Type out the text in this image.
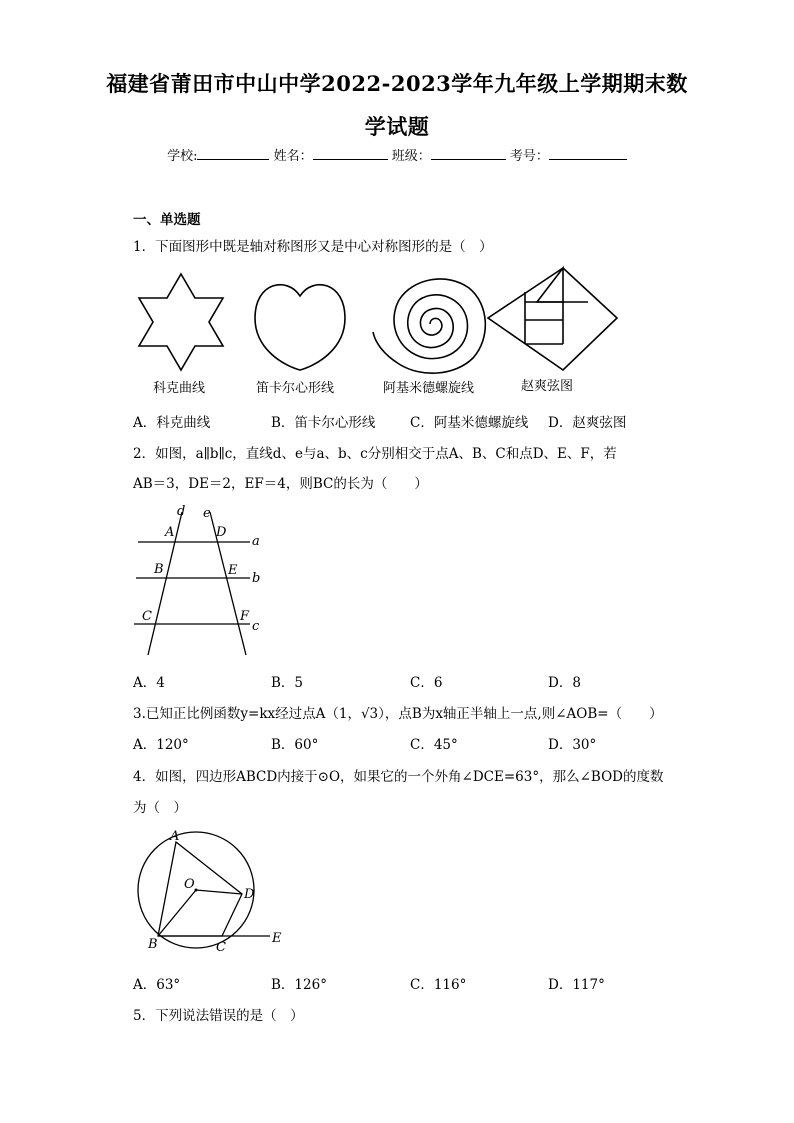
福建省莆田市中山中学2022-2023学年九年级上学期期末数
学试题
学校:	姓名：	班级：	考号：
一、单选题
1．下面图形中既是轴对称图形又是中心对称图形的是（　）
科克曲线	笛卡尔心形线	阿基米德螺旋线	赵爽弦图
A．科克曲线	B．笛卡尔心形线	C．阿基米德螺旋线 D．赵爽弦图
2．如图，a∥b∥c，直线d、e与a、b、c分别相交于点A、B、C和点D、E、F，若
AB＝3，DE＝2，EF＝4，则BC的长为（　　）
d e
A	D
a
B	E
b
C	F
c
A．4	B．5	C．6	D．8
3.已知正比例函数y=kx经过点A（1，√3），点B为x轴正半轴上一点,则∠AOB=（　　）
A．120°	B．60°	C．45°	D．30°
4．如图，四边形ABCD内接于⊙O，如果它的一个外角∠DCE=63°，那么∠BOD的度数
为（　）
A
O
D
B	C
E
A．63°	B．126°	C．116°	D．117°
5．下列说法错误的是（　）
